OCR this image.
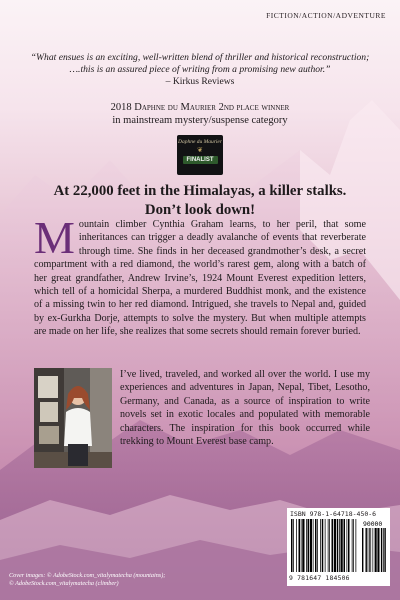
FICTION/ACTION/ADVENTURE
“What ensues is an exciting, well-written blend of thriller and historical reconstruction; ….this is an assured piece of writing from a promising new author.”
– Kirkus Reviews
2018 Daphne du Maurier 2nd place winner
in mainstream mystery/suspense category
Daphne du Maurier
❦
FINALIST
At 22,000 feet in the Himalayas, a killer stalks.
Don’t look down!
Mountain climber Cynthia Graham learns, to her peril, that some inheritances can trigger a deadly avalanche of events that reverberate through time. She finds in her deceased grandmother’s desk, a secret compartment with a red diamond, the world’s rarest gem, along with a batch of her great grandfather, Andrew Irvine’s, 1924 Mount Everest expedition letters, which tell of a homicidal Sherpa, a murdered Buddhist monk, and the existence of a missing twin to her red diamond. Intrigued, she travels to Nepal and, guided by ex-Gurkha Dorje, attempts to solve the mystery. But when multiple attempts are made on her life, she realizes that some secrets should remain forever buried.
I’ve lived, traveled, and worked all over the world. I use my experiences and adventures in Japan, Nepal, Tibet, Lesotho, Germany, and Canada, as a source of inspiration to write novels set in exotic locales and populated with memorable characters. The inspiration for this book occurred while trekking to Mount Everest base camp.
ISBN 978-1-64718-450-6
90000
9 781647 184506
Cover images: © AdobeStock.com_vitalymatecha (mountains);
© AdobeStock.com_vitalymatecha (climber)
